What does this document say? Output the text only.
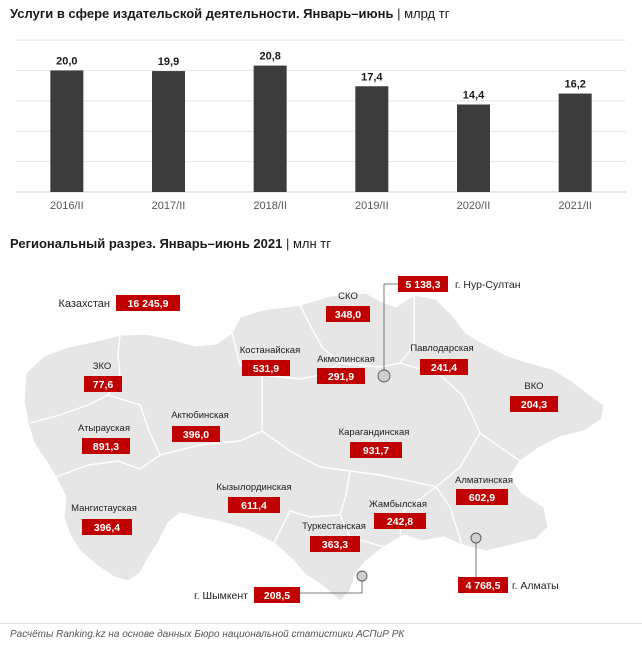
Услуги в сфере издательской деятельности. Январь–июнь | млрд тг
20,0
2016/II
19,9
2017/II
20,8
2018/II
17,4
2019/II
14,4
2020/II
16,2
2021/II
Региональный разрез. Январь–июнь 2021 | млн тг
Казахстан 16 245,9
СКО
348,0
5 138,3 г. Нур-Султан
Костанайская
531,9
Акмолинская
291,9
Павлодарская
241,4
ЗКО
77,6	ВКО
204,3
Актюбинская
396,0
Атырауская
891,3
Карагандинская
931,7
Алматинская
602,9
Кызылординская
611,4
Мангистауская
396,4
Жамбылская
242,8
Туркестанская
363,3
4 768,5 г. Алматы
208,5
г. Шымкент
Расчёты Ranking.kz на основе данных Бюро национальной статистики АСПиР РК
